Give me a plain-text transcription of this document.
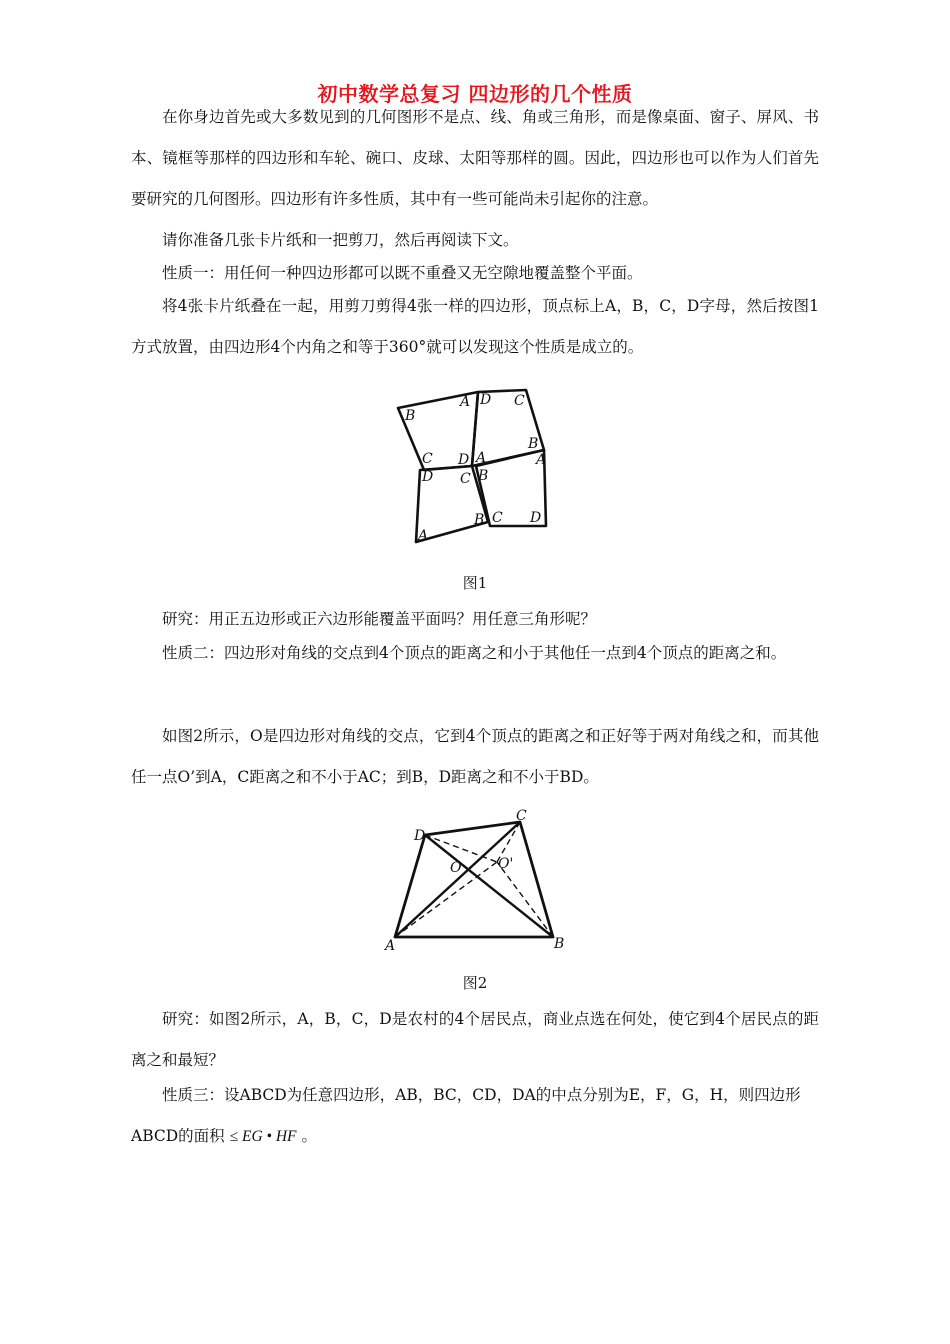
初中数学总复习 四边形的几个性质

在你身边首先或大多数见到的几何图形不是点、线、角或三角形，而是像桌面、窗子、屏风、书本、镜框等那样的四边形和车轮、碗口、皮球、太阳等那样的圆。因此，四边形也可以作为人们首先要研究的几何图形。四边形有许多性质，其中有一些可能尚未引起你的注意。

请你准备几张卡片纸和一把剪刀，然后再阅读下文。

性质一：用任何一种四边形都可以既不重叠又无空隙地覆盖整个平面。

将4张卡片纸叠在一起，用剪刀剪得4张一样的四边形，顶点标上A，B，C，D字母，然后按图1方式放置，由四边形4个内角之和等于360°就可以发现这个性质是成立的。

B
A D C
B
A
C
D
A
D
C B
A
B C D
图1

研究：用正五边形或正六边形能覆盖平面吗？用任意三角形呢？

性质二：四边形对角线的交点到4个顶点的距离之和小于其他任一点到4个顶点的距离之和。

如图2所示，O是四边形对角线的交点，它到4个顶点的距离之和正好等于两对角线之和，而其他任一点O’到A，C距离之和不小于AC；到B，D距离之和不小于BD。

D
C
O	O'
A	B
图2

研究：如图2所示，A，B，C，D是农村的4个居民点，商业点选在何处，使它到4个居民点的距离之和最短？

性质三：设ABCD为任意四边形，AB，BC，CD，DA的中点分别为E，F，G，H，则四边形

ABCD的面积 ≤ EG • HF 。
